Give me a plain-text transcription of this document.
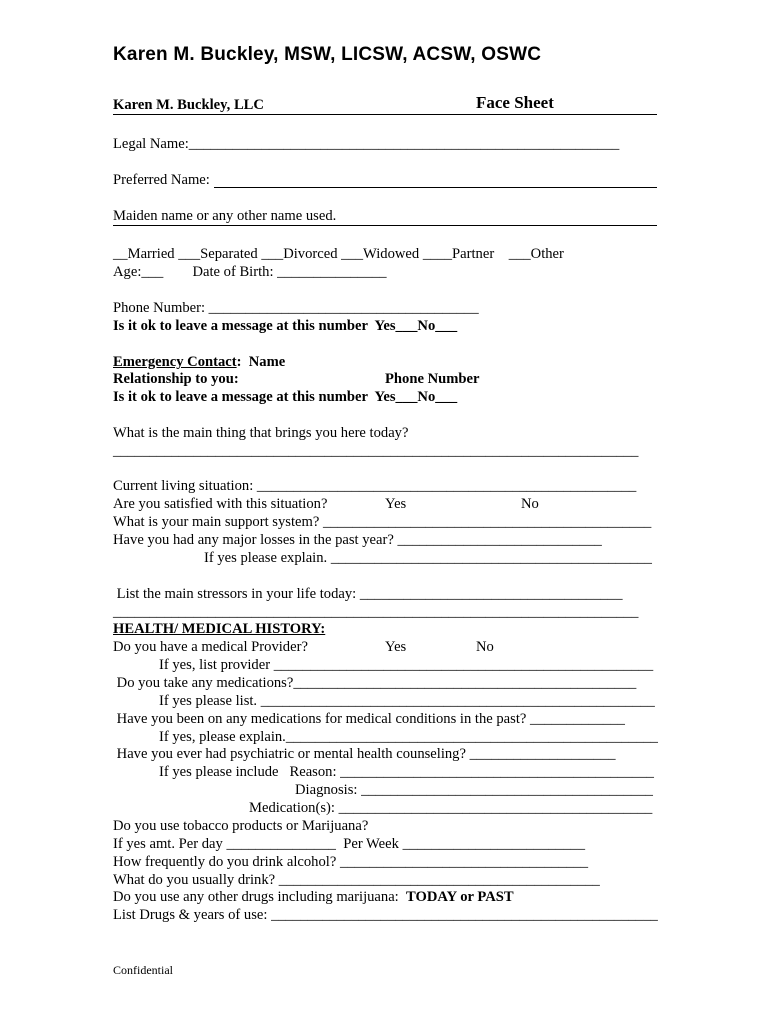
Karen M. Buckley, MSW, LICSW, ACSW, OSWC
Karen M. Buckley, LLC	Face Sheet
Legal Name:___________________________________________________________
Preferred Name:
Maiden name or any other name used.
__Married ___Separated ___Divorced ___Widowed ____Partner    ___Other
Age:___        Date of Birth: _______________
Phone Number: _____________________________________
Is it ok to leave a message at this number  Yes___No___
Emergency Contact:  Name
Relationship to you:	Phone Number
Is it ok to leave a message at this number  Yes___No___
What is the main thing that brings you here today?
________________________________________________________________________
Current living situation: ____________________________________________________
Are you satisfied with this situation?	Yes	No
What is your main support system? _____________________________________________
Have you had any major losses in the past year? ____________________________
If yes please explain. ____________________________________________
List the main stressors in your life today: ____________________________________
________________________________________________________________________
HEALTH/ MEDICAL HISTORY:
Do you have a medical Provider?	Yes	No
If yes, list provider ____________________________________________________
Do you take any medications?_______________________________________________
If yes please list. ______________________________________________________
Have you been on any medications for medical conditions in the past? _____________
If yes, please explain.___________________________________________________
Have you ever had psychiatric or mental health counseling? ____________________
If yes please include   Reason: ___________________________________________
Diagnosis: ________________________________________
Medication(s): ___________________________________________
Do you use tobacco products or Marijuana?
If yes amt. Per day _______________  Per Week _________________________
How frequently do you drink alcohol? __________________________________
What do you usually drink? ____________________________________________
Do you use any other drugs including marijuana: TODAY or PAST
List Drugs & years of use: _____________________________________________________
Confidential
